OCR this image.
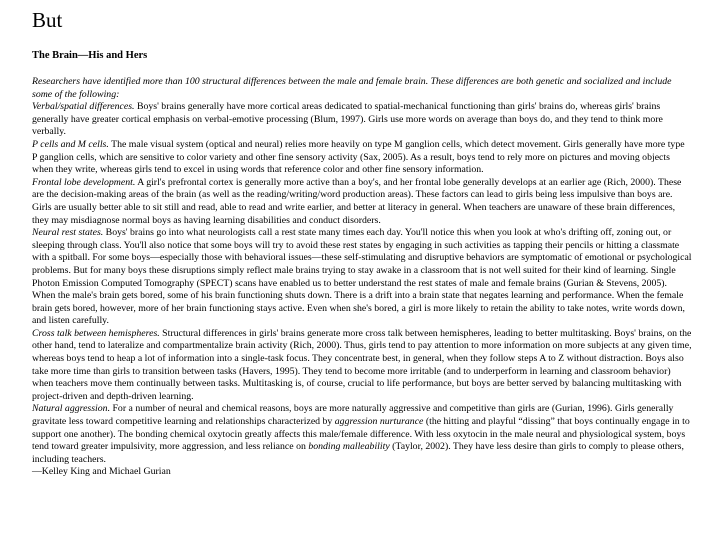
But
The Brain—His and Hers

Researchers have identified more than 100 structural differences between the male and female brain. These differences are both genetic and socialized and include some of the following:

Verbal/spatial differences. Boys' brains generally have more cortical areas dedicated to spatial-mechanical functioning than girls' brains do, whereas girls' brains generally have greater cortical emphasis on verbal-emotive processing (Blum, 1997). Girls use more words on average than boys do, and they tend to think more verbally.

P cells and M cells. The male visual system (optical and neural) relies more heavily on type M ganglion cells, which detect movement. Girls generally have more type P ganglion cells, which are sensitive to color variety and other fine sensory activity (Sax, 2005). As a result, boys tend to rely more on pictures and moving objects when they write, whereas girls tend to excel in using words that reference color and other fine sensory information.

Frontal lobe development. A girl's prefrontal cortex is generally more active than a boy's, and her frontal lobe generally develops at an earlier age (Rich, 2000). These are the decision-making areas of the brain (as well as the reading/writing/word production areas). These factors can lead to girls being less impulsive than boys are. Girls are usually better able to sit still and read, able to read and write earlier, and better at literacy in general. When teachers are unaware of these brain differences, they may misdiagnose normal boys as having learning disabilities and conduct disorders.

Neural rest states. Boys' brains go into what neurologists call a rest state many times each day. You'll notice this when you look at who's drifting off, zoning out, or sleeping through class. You'll also notice that some boys will try to avoid these rest states by engaging in such activities as tapping their pencils or hitting a classmate with a spitball. For some boys—especially those with behavioral issues—these self-stimulating and disruptive behaviors are symptomatic of emotional or psychological problems. But for many boys these disruptions simply reflect male brains trying to stay awake in a classroom that is not well suited for their kind of learning. Single Photon Emission Computed Tomography (SPECT) scans have enabled us to better understand the rest states of male and female brains (Gurian & Stevens, 2005). When the male's brain gets bored, some of his brain functioning shuts down. There is a drift into a brain state that negates learning and performance. When the female brain gets bored, however, more of her brain functioning stays active. Even when she's bored, a girl is more likely to retain the ability to take notes, write words down, and listen carefully.

Cross talk between hemispheres. Structural differences in girls' brains generate more cross talk between hemispheres, leading to better multitasking. Boys' brains, on the other hand, tend to lateralize and compartmentalize brain activity (Rich, 2000). Thus, girls tend to pay attention to more information on more subjects at any given time, whereas boys tend to heap a lot of information into a single-task focus. They concentrate best, in general, when they follow steps A to Z without distraction. Boys also take more time than girls to transition between tasks (Havers, 1995). They tend to become more irritable (and to underperform in learning and classroom behavior) when teachers move them continually between tasks. Multitasking is, of course, crucial to life performance, but boys are better served by balancing multitasking with project-driven and depth-driven learning.

Natural aggression. For a number of neural and chemical reasons, boys are more naturally aggressive and competitive than girls are (Gurian, 1996). Girls generally gravitate less toward competitive learning and relationships characterized by aggression nurturance (the hitting and playful “dissing” that boys continually engage in to support one another). The bonding chemical oxytocin greatly affects this male/female difference. With less oxytocin in the male neural and physiological system, boys tend toward greater impulsivity, more aggression, and less reliance on bonding malleability (Taylor, 2002). They have less desire than girls to comply to please others, including teachers.

—Kelley King and Michael Gurian
